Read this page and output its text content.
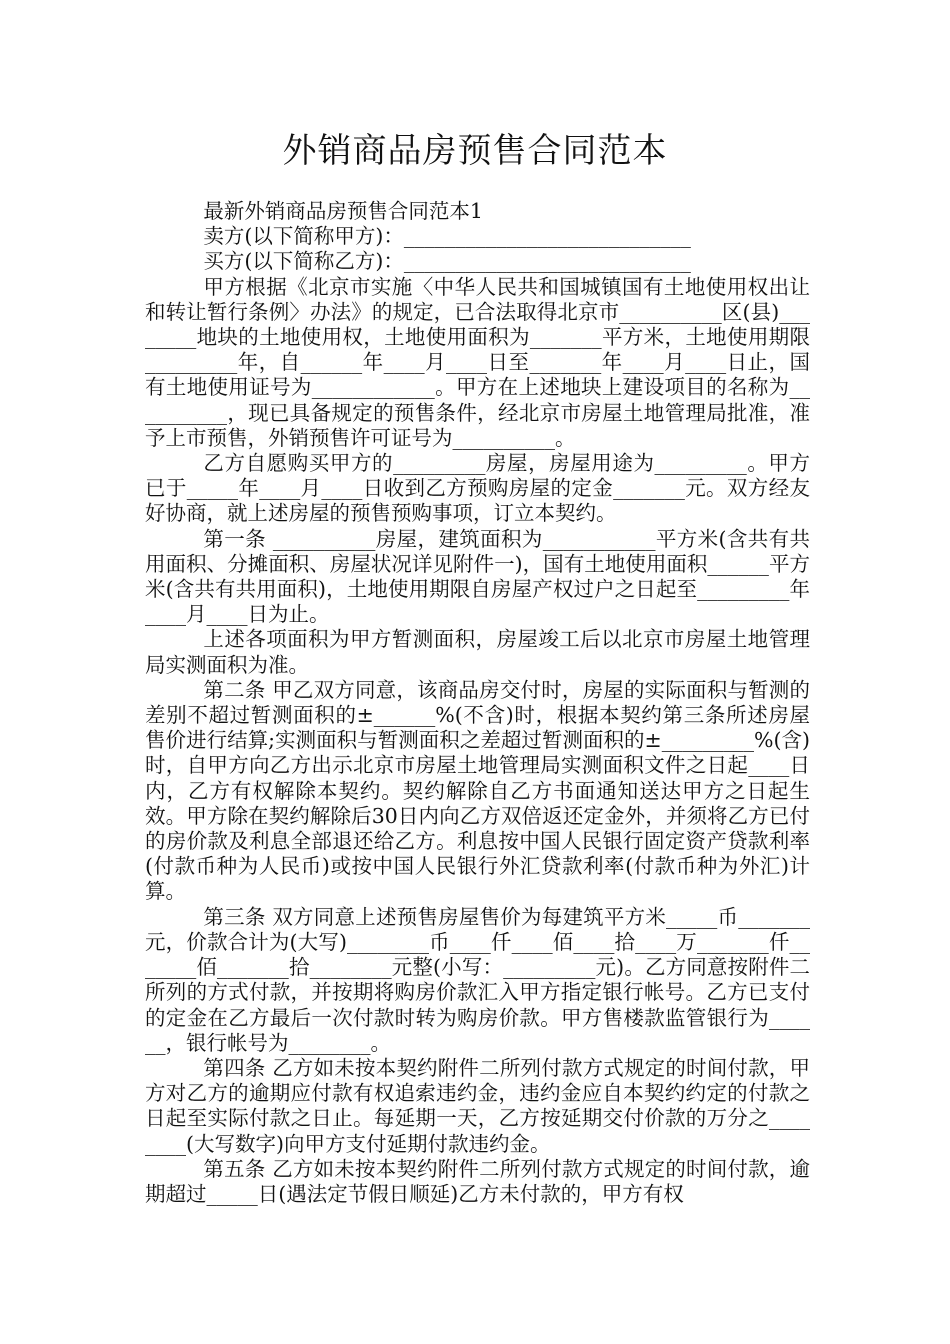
外销商品房预售合同范本

最新外销商品房预售合同范本1

卖方(以下简称甲方)：____________________________

买方(以下简称乙方)：____________________________

甲方根据《北京市实施〈中华人民共和国城镇国有土地使用权出让和转让暂行条例〉办法》的规定，已合法取得北京市__________区(县)________地块的土地使用权，土地使用面积为_______平方米，土地使用期限_________年，自______年____月____日至_______年____月____日止，国有土地使用证号为____________。甲方在上述地块上建设项目的名称为__________，现已具备规定的预售条件，经北京市房屋土地管理局批准，准予上市预售，外销预售许可证号为__________。

乙方自愿购买甲方的_________房屋，房屋用途为_________。甲方已于_____年____月____日收到乙方预购房屋的定金_______元。双方经友好协商，就上述房屋的预售预购事项，订立本契约。

第一条 __________房屋，建筑面积为___________平方米(含共有共用面积、分摊面积、房屋状况详见附件一)，国有土地使用面积______平方米(含共有共用面积)，土地使用期限自房屋产权过户之日起至_________年____月____日为止。

上述各项面积为甲方暂测面积，房屋竣工后以北京市房屋土地管理局实测面积为准。

第二条 甲乙双方同意，该商品房交付时，房屋的实际面积与暂测的差别不超过暂测面积的±______%(不含)时，根据本契约第三条所述房屋售价进行结算;实测面积与暂测面积之差超过暂测面积的±_________%(含)时，自甲方向乙方出示北京市房屋土地管理局实测面积文件之日起____日内，乙方有权解除本契约。契约解除自乙方书面通知送达甲方之日起生效。甲方除在契约解除后30日内向乙方双倍返还定金外，并须将乙方已付的房价款及利息全部退还给乙方。利息按中国人民银行固定资产贷款利率(付款币种为人民币)或按中国人民银行外汇贷款利率(付款币种为外汇)计算。

第三条 双方同意上述预售房屋售价为每建筑平方米_____币_______元，价款合计为(大写)________币____仟____佰____拾____万_______仟_______佰_______拾________元整(小写：_________元)。乙方同意按附件二所列的方式付款，并按期将购房价款汇入甲方指定银行帐号。乙方已支付的定金在乙方最后一次付款时转为购房价款。甲方售楼款监管银行为______，银行帐号为________。

第四条 乙方如未按本契约附件二所列付款方式规定的时间付款，甲方对乙方的逾期应付款有权追索违约金，违约金应自本契约约定的付款之日起至实际付款之日止。每延期一天，乙方按延期交付价款的万分之________(大写数字)向甲方支付延期付款违约金。

第五条 乙方如未按本契约附件二所列付款方式规定的时间付款，逾期超过_____日(遇法定节假日顺延)乙方未付款的，甲方有权
